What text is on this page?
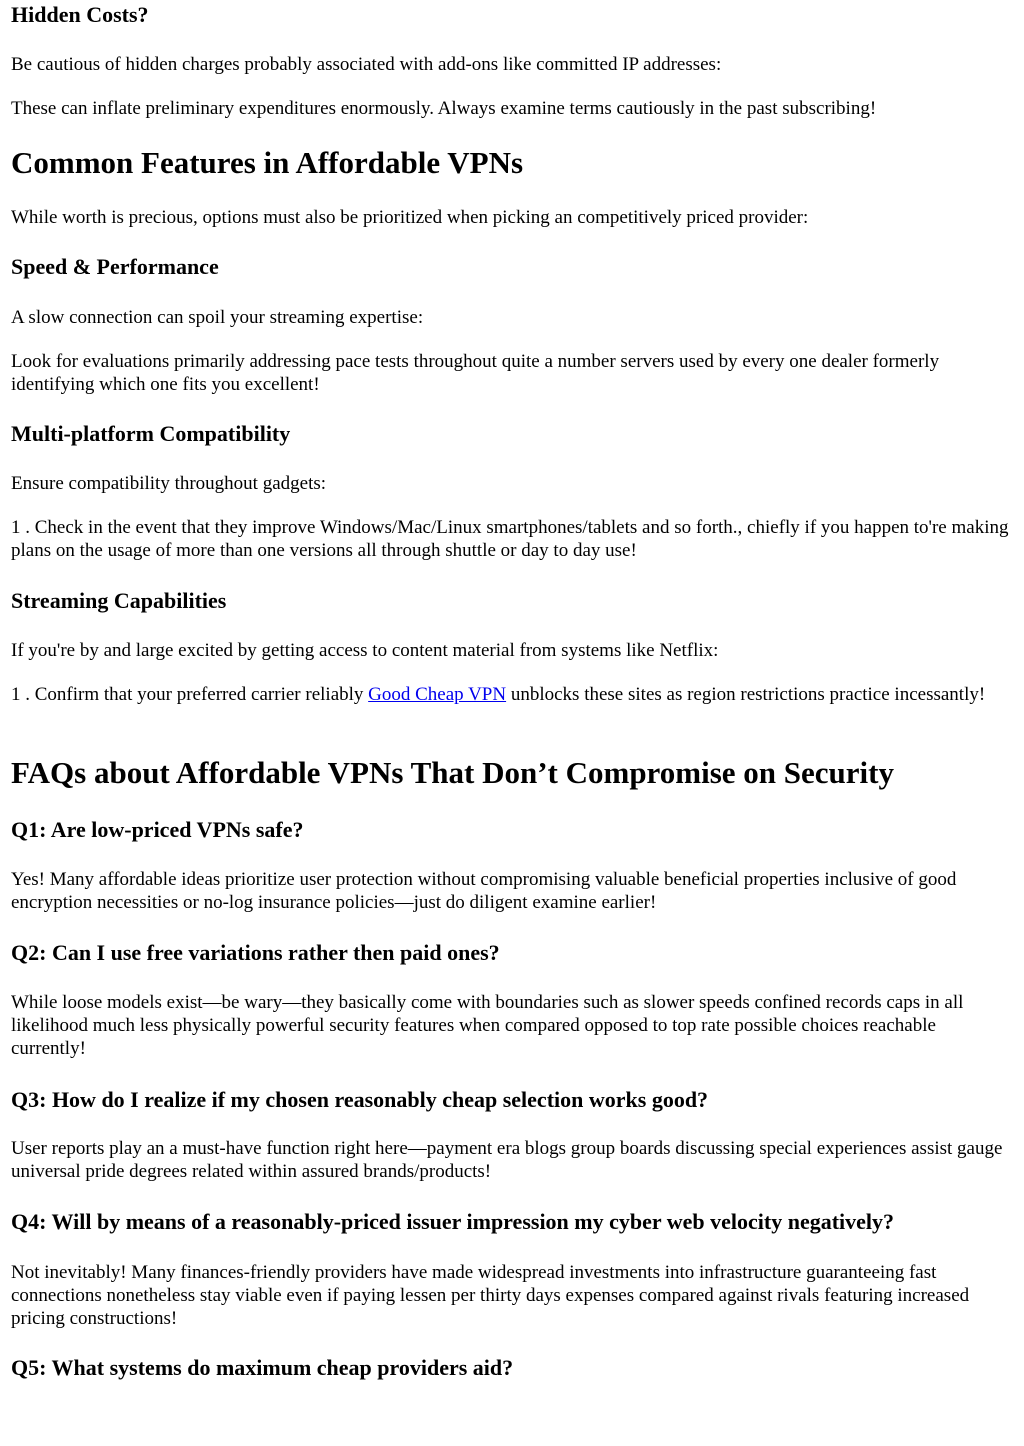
Hidden Costs?

Be cautious of hidden charges probably associated with add-ons like committed IP addresses:

These can inflate preliminary expenditures enormously. Always examine terms cautiously in the past subscribing!

Common Features in Affordable VPNs

While worth is precious, options must also be prioritized when picking an competitively priced provider:

Speed & Performance

A slow connection can spoil your streaming expertise:

Look for evaluations primarily addressing pace tests throughout quite a number servers used by every one dealer formerly identifying which one fits you excellent!

Multi-platform Compatibility

Ensure compatibility throughout gadgets:

1 . Check in the event that they improve Windows/Mac/Linux smartphones/tablets and so forth., chiefly if you happen to're making plans on the usage of more than one versions all through shuttle or day to day use!

Streaming Capabilities

If you're by and large excited by getting access to content material from systems like Netflix:

1 . Confirm that your preferred carrier reliably Good Cheap VPN unblocks these sites as region restrictions practice incessantly!

FAQs about Affordable VPNs That Don’t Compromise on Security
Q1: Are low-priced VPNs safe?

Yes! Many affordable ideas prioritize user protection without compromising valuable beneficial properties inclusive of good encryption necessities or no-log insurance policies—just do diligent examine earlier!

Q2: Can I use free variations rather then paid ones?

While loose models exist—be wary—they basically come with boundaries such as slower speeds confined records caps in all likelihood much less physically powerful security features when compared opposed to top rate possible choices reachable currently!

Q3: How do I realize if my chosen reasonably cheap selection works good?

User reports play an a must-have function right here—payment era blogs group boards discussing special experiences assist gauge universal pride degrees related within assured brands/products!

Q4: Will by means of a reasonably-priced issuer impression my cyber web velocity negatively?

Not inevitably! Many finances-friendly providers have made widespread investments into infrastructure guaranteeing fast connections nonetheless stay viable even if paying lessen per thirty days expenses compared against rivals featuring increased pricing constructions!

Q5: What systems do maximum cheap providers aid?
